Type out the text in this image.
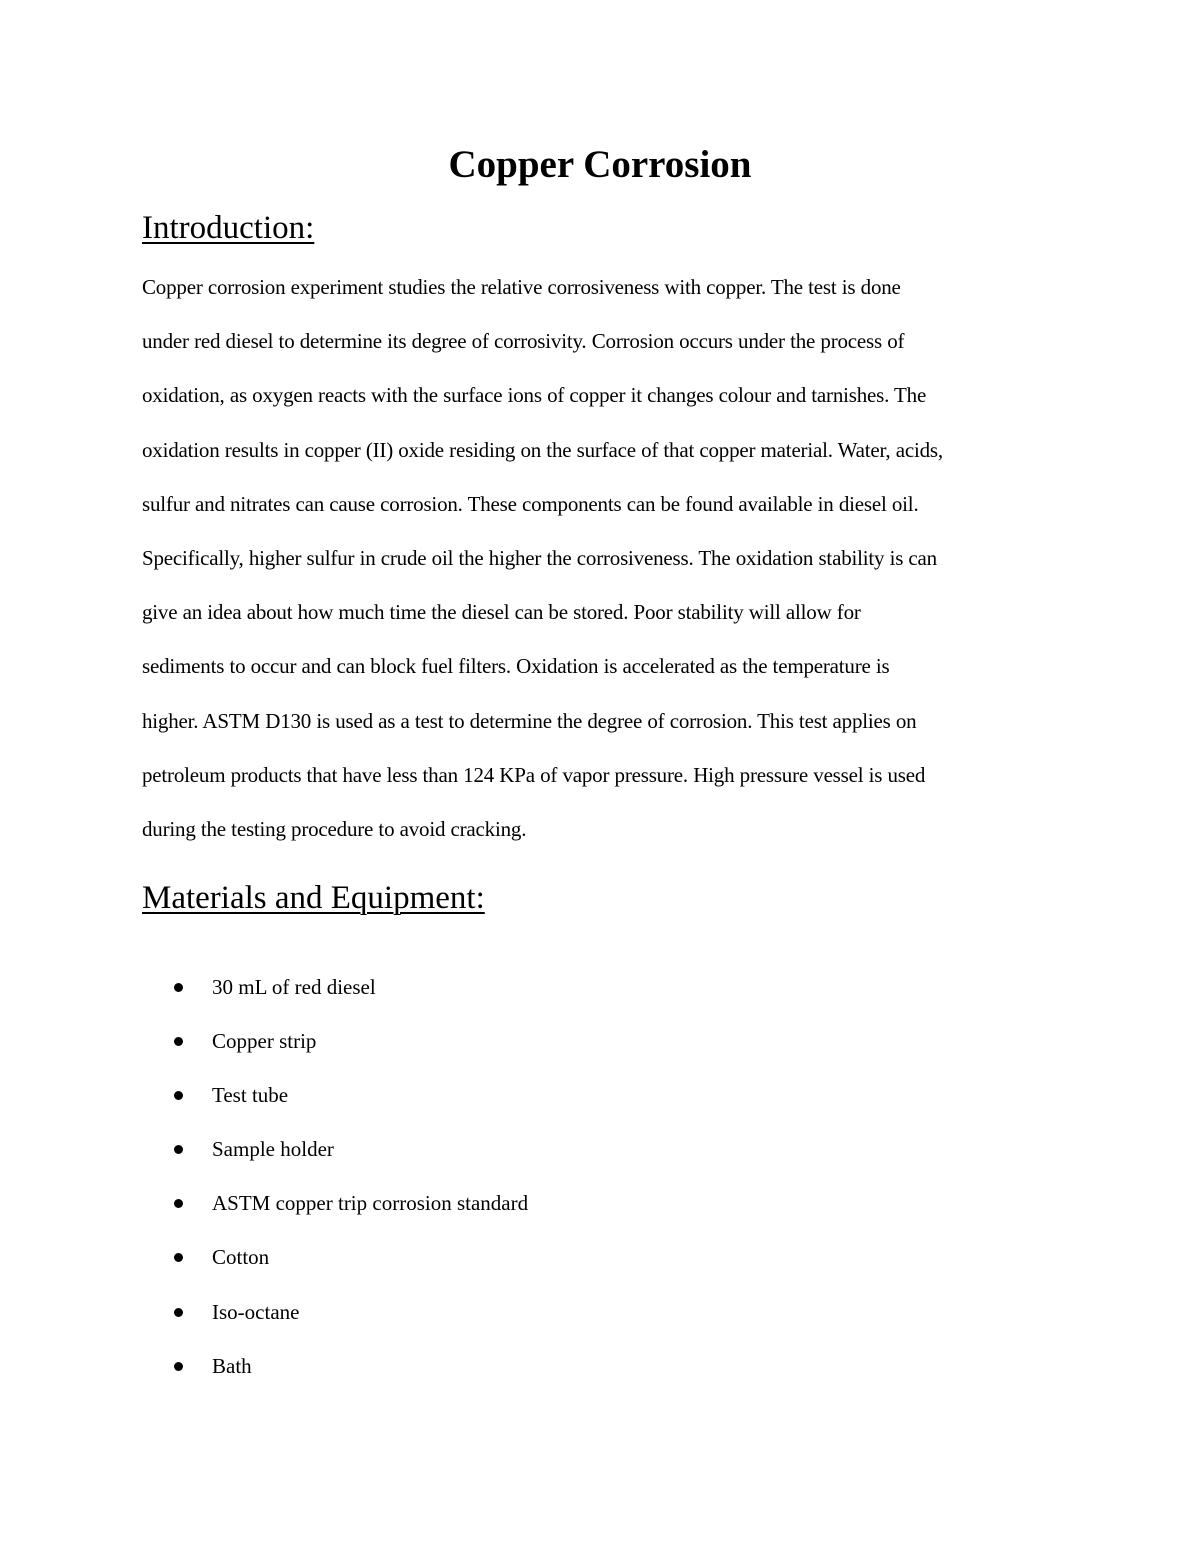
Copper Corrosion
Introduction:

Copper corrosion experiment studies the relative corrosiveness with copper. The test is done
under red diesel to determine its degree of corrosivity. Corrosion occurs under the process of
oxidation, as oxygen reacts with the surface ions of copper it changes colour and tarnishes. The
oxidation results in copper (II) oxide residing on the surface of that copper material. Water, acids,
sulfur and nitrates can cause corrosion. These components can be found available in diesel oil.
Specifically, higher sulfur in crude oil the higher the corrosiveness. The oxidation stability is can
give an idea about how much time the diesel can be stored. Poor stability will allow for
sediments to occur and can block fuel filters. Oxidation is accelerated as the temperature is
higher. ASTM D130 is used as a test to determine the degree of corrosion. This test applies on
petroleum products that have less than 124 KPa of vapor pressure. High pressure vessel is used
during the testing procedure to avoid cracking.

Materials and Equipment:
30 mL of red diesel
Copper strip
Test tube
Sample holder
ASTM copper trip corrosion standard
Cotton
Iso-octane
Bath
